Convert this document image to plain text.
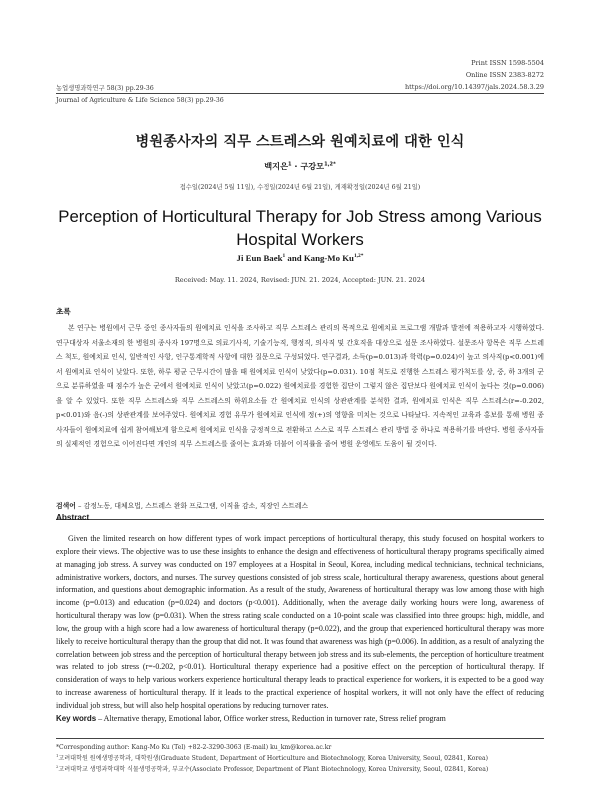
Print ISSN 1598-5504
Online ISSN 2383-8272
https://doi.org/10.14397/jals.2024.58.3.29
농업생명과학연구 58(3) pp.29-36
Journal of Agriculture & Life Science 58(3) pp.29-36
병원종사자의 직무 스트레스와 원예치료에 대한 인식
백지은$^1$ · 구강모$^{1,2*}$
접수일(2024년 5월 11일), 수정일(2024년 6월 21일), 게재확정일(2024년 6월 21일)
Perception of Horticultural Therapy for Job Stress among Various Hospital Workers
Ji Eun Baek$^1$ and Kang-Mo $Ku^{1,2*}$
Received: May. 11. 2024, Revised: JUN. 21. 2024, Accepted: JUN. 21. 2024
초록
본 연구는 병원에서 근무 중인 종사자들의 원예치료 인식을 조사하고 직무 스트레스 관리의 목적으로 원예치료 프로그램 개발과 발전에 적용하고자 시행하였다. 연구대상자 서울소재의 한 병원의 종사자 197명으로 의료기사직, 기술기능직, 행정직, 의사직 및 간호직을 대상으로 설문 조사하였다. 설문조사 항목은 직무 스트레스 척도, 원예치료 인식, 일반적인 사항, 인구통계학적 사항에 대한 질문으로 구성되었다. 연구결과, 소득(p=0.013)과 학력(p=0.024)이 높고 의사직(p<0.001)에서 원예치료 인식이 낮았다. 또한, 하루 평균 근무시간이 많을 때 원예치료 인식이 낮았다(p=0.031). 10점 척도로 진행한 스트레스 평가척도를 상, 중, 하 3개의 군으로 분류하였을 때 점수가 높은 군에서 원예치료 인식이 낮았고(p=0.022) 원예치료를 경험한 집단이 그렇지 않은 집단보다 원예치료 인식이 높다는 것(p=0.006)을 알 수 있었다. 또한 직무 스트레스와 직무 스트레스의 하위요소들 간 원예치료 인식의 상관관계를 분석한 결과, 원예치료 인식은 직무 스트레스(r=-0.202, p<0.01)와 음(-)의 상관관계를 보여주었다. 원예치료 경험 유무가 원예치료 인식에 정(+)의 영향을 미치는 것으로 나타났다. 지속적인 교육과 홍보를 통해 병원 종사자들이 원예치료에 쉽게 참여해보게 함으로써 원예치료 인식을 긍정적으로 전환하고 스스로 직무 스트레스 관리 방법 중 하나로 적용하기를 바란다. 병원 종사자들의 실제적인 경험으로 이어진다면 개인의 직무 스트레스를 줄이는 효과와 더불어 이직률을 줄여 병원 운영에도 도움이 될 것이다.
검색어 – 감정노동, 대체요법, 스트레스 완화 프로그램, 이직율 감소, 직장인 스트레스
Abstract
Given the limited research on how different types of work impact perceptions of horticultural therapy, this study focused on hospital workers to explore their views. The objective was to use these insights to enhance the design and effectiveness of horticultural therapy programs specifically aimed at managing job stress. A survey was conducted on 197 employees at a Hospital in Seoul, Korea, including medical technicians, technical technicians, administrative workers, doctors, and nurses. The survey questions consisted of job stress scale, horticultural therapy awareness, questions about general information, and questions about demographic information. As a result of the study, Awareness of horticultural therapy was low among those with high income (p=0.013) and education (p=0.024) and doctors (p<0.001). Additionally, when the average daily working hours were long, awareness of horticultural therapy was low (p=0.031). When the stress rating scale conducted on a 10-point scale was classified into three groups: high, middle, and low, the group with a high score had a low awareness of horticultural therapy (p=0.022), and the group that experienced horticultural therapy was more likely to receive horticultural therapy than the group that did not. It was found that awareness was high (p=0.006). In addition, as a result of analyzing the correlation between job stress and the perception of horticultural therapy between job stress and its sub-elements, the perception of horticulture treatment was related to job stress (r=-0.202, p<0.01). Horticultural therapy experience had a positive effect on the perception of horticultural therapy. If consideration of ways to help various workers experience horticultural therapy leads to practical experience for workers, it is expected to be a good way to increase awareness of horticultural therapy. If it leads to the practical experience of hospital workers, it will not only have the effect of reducing individual job stress, but will also help hospital operations by reducing turnover rates.
Key words – Alternative therapy, Emotional labor, Office worker stress, Reduction in turnover rate, Stress relief program
*Corresponding author: Kang-Mo Ku (Tel) +82-2-3290-3063 (E-mail) ku_km@korea.ac.kr
$^1$고려대학원 원예생명공학과, 대학원생(Graduate Student, Department of Horticulture and Biotechnology, Korea University, Seoul, 02841, Korea)
$^2$고려대학교 생명과학대학 식물생명공학과, 부교수(Associate Professor, Department of Plant Biotechnology, Korea University, Seoul, 02841, Korea)
